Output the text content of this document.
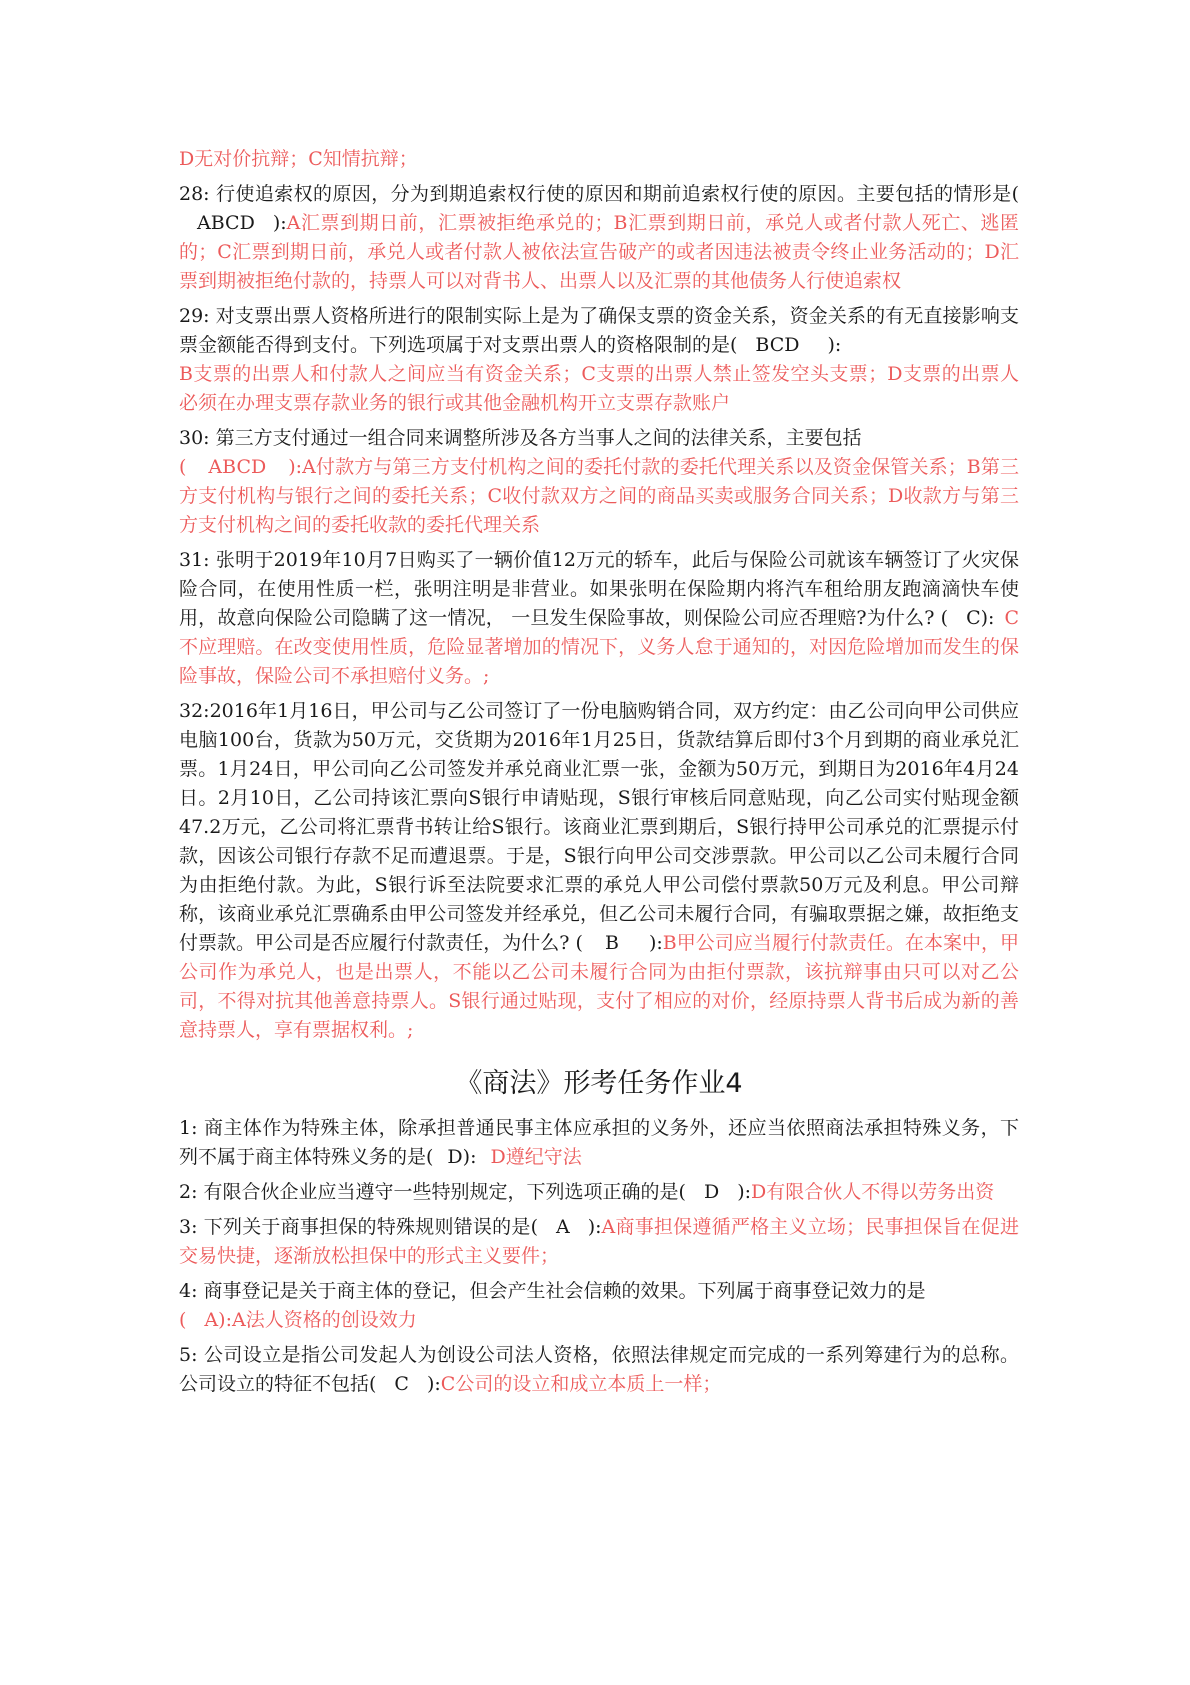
D无对价抗辩；C知情抗辩；

28: 行使追索权的原因，分为到期追索权行使的原因和期前追索权行使的原因。主要包括的情形是(ABCD ):A汇票到期日前，汇票被拒绝承兑的；B汇票到期日前，承兑人或者付款人死亡、逃匿的；C汇票到期日前，承兑人或者付款人被依法宣告破产的或者因违法被责令终止业务活动的；D汇票到期被拒绝付款的，持票人可以对背书人、出票人以及汇票的其他债务人行使追索权

29: 对支票出票人资格所进行的限制实际上是为了确保支票的资金关系，资金关系的有无直接影响支票金额能否得到支付。下列选项属于对支票出票人的资格限制的是( BCD ):
B支票的出票人和付款人之间应当有资金关系；C支票的出票人禁止签发空头支票；D支票的出票人必须在办理支票存款业务的银行或其他金融机构开立支票存款账户

30: 第三方支付通过一组合同来调整所涉及各方当事人之间的法律关系，主要包括
( ABCD ):A付款方与第三方支付机构之间的委托付款的委托代理关系以及资金保管关系；B第三方支付机构与银行之间的委托关系；C收付款双方之间的商品买卖或服务合同关系；D收款方与第三方支付机构之间的委托收款的委托代理关系

31: 张明于2019年10月7日购买了一辆价值12万元的轿车，此后与保险公司就该车辆签订了火灾保险合同，在使用性质一栏，张明注明是非营业。如果张明在保险期内将汽车租给朋友跑滴滴快车使用，故意向保险公司隐瞒了这一情况， 一旦发生保险事故，则保险公司应否理赔?为什么? ( C): C不应理赔。在改变使用性质，危险显著增加的情况下，义务人怠于通知的，对因危险增加而发生的保险事故，保险公司不承担赔付义务。;

32:2016年1月16日，甲公司与乙公司签订了一份电脑购销合同，双方约定：由乙公司向甲公司供应电脑100台，货款为50万元，交货期为2016年1月25日，货款结算后即付3个月到期的商业承兑汇票。1月24日，甲公司向乙公司签发并承兑商业汇票一张，金额为50万元，到期日为2016年4月24日。2月10日，乙公司持该汇票向S银行申请贴现，S银行审核后同意贴现，向乙公司实付贴现金额47.2万元，乙公司将汇票背书转让给S银行。该商业汇票到期后，S银行持甲公司承兑的汇票提示付款，因该公司银行存款不足而遭退票。于是，S银行向甲公司交涉票款。甲公司以乙公司未履行合同为由拒绝付款。为此，S银行诉至法院要求汇票的承兑人甲公司偿付票款50万元及利息。甲公司辩称，该商业承兑汇票确系由甲公司签发并经承兑，但乙公司未履行合同，有骗取票据之嫌，故拒绝支付票款。甲公司是否应履行付款责任，为什么? ( B ):B甲公司应当履行付款责任。在本案中，甲公司作为承兑人，也是出票人，不能以乙公司未履行合同为由拒付票款，该抗辩事由只可以对乙公司，不得对抗其他善意持票人。S银行通过贴现，支付了相应的对价，经原持票人背书后成为新的善意持票人，享有票据权利。;

《商法》形考任务作业4

1: 商主体作为特殊主体，除承担普通民事主体应承担的义务外，还应当依照商法承担特殊义务，下列不属于商主体特殊义务的是( D): D遵纪守法

2: 有限合伙企业应当遵守一些特别规定，下列选项正确的是( D ):D有限合伙人不得以劳务出资

3: 下列关于商事担保的特殊规则错误的是( A ):A商事担保遵循严格主义立场；民事担保旨在促进交易快捷，逐渐放松担保中的形式主义要件；

4: 商事登记是关于商主体的登记，但会产生社会信赖的效果。下列属于商事登记效力的是
( A):A法人资格的创设效力

5: 公司设立是指公司发起人为创设公司法人资格，依照法律规定而完成的一系列筹建行为的总称。公司设立的特征不包括( C ):C公司的设立和成立本质上一样；
